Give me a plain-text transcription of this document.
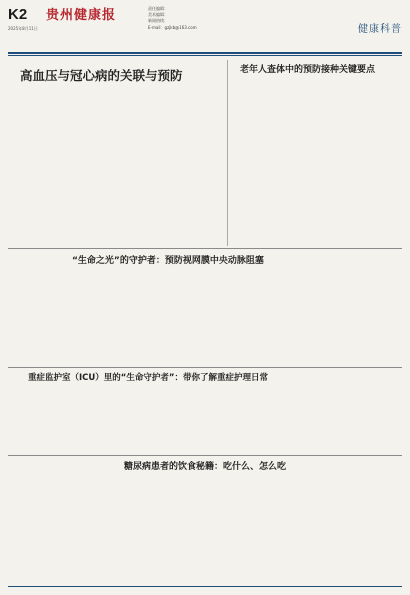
K2
2025年8月11日
贵州健康报	责任编辑：
美术编辑：
新闻热线：
E-mail：gzjkb@163.com	健康科普
高血压与冠心病的关联与预防	老年人查体中的预防接种关键要点
“生命之光”的守护者：预防视网膜中央动脉阻塞
重症监护室（ICU）里的“生命守护者”：带你了解重症护理日常
糖尿病患者的饮食秘籍：吃什么、怎么吃
